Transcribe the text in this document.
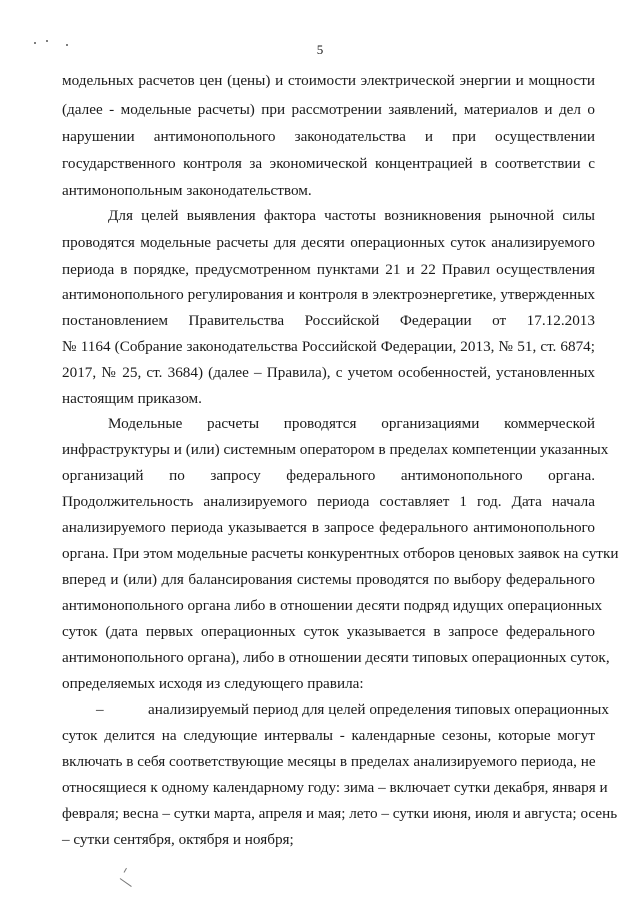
5
модельных расчетов цен (цены) и стоимости электрической энергии и мощности
(далее - модельные расчеты) при рассмотрении заявлений, материалов и дел о
нарушении антимонопольного законодательства и при осуществлении
государственного контроля за экономической концентрацией в соответствии с
антимонопольным законодательством.
Для целей выявления фактора частоты возникновения рыночной силы
проводятся модельные расчеты для десяти операционных суток анализируемого
периода в порядке, предусмотренном пунктами 21 и 22 Правил осуществления
антимонопольного регулирования и контроля в электроэнергетике, утвержденных
постановлением Правительства Российской Федерации от 17.12.2013
№ 1164 (Собрание законодательства Российской Федерации, 2013, № 51, ст. 6874;
2017, № 25, ст. 3684) (далее – Правила), с учетом особенностей, установленных
настоящим приказом.
Модельные расчеты проводятся организациями коммерческой
инфраструктуры и (или) системным оператором в пределах компетенции указанных
организаций по запросу федерального антимонопольного органа.
Продолжительность анализируемого периода составляет 1 год. Дата начала
анализируемого периода указывается в запросе федерального антимонопольного
органа. При этом модельные расчеты конкурентных отборов ценовых заявок на сутки
вперед и (или) для балансирования системы проводятся по выбору федерального
антимонопольного органа либо в отношении десяти подряд идущих операционных
суток (дата первых операционных суток указывается в запросе федерального
антимонопольного органа), либо в отношении десяти типовых операционных суток,
определяемых исходя из следующего правила:
–	анализируемый период для целей определения типовых операционных
суток делится на следующие интервалы - календарные сезоны, которые могут
включать в себя соответствующие месяцы в пределах анализируемого периода, не
относящиеся к одному календарному году: зима – включает сутки декабря, января и
февраля; весна – сутки марта, апреля и мая; лето – сутки июня, июля и августа; осень
– сутки сентября, октября и ноября;
